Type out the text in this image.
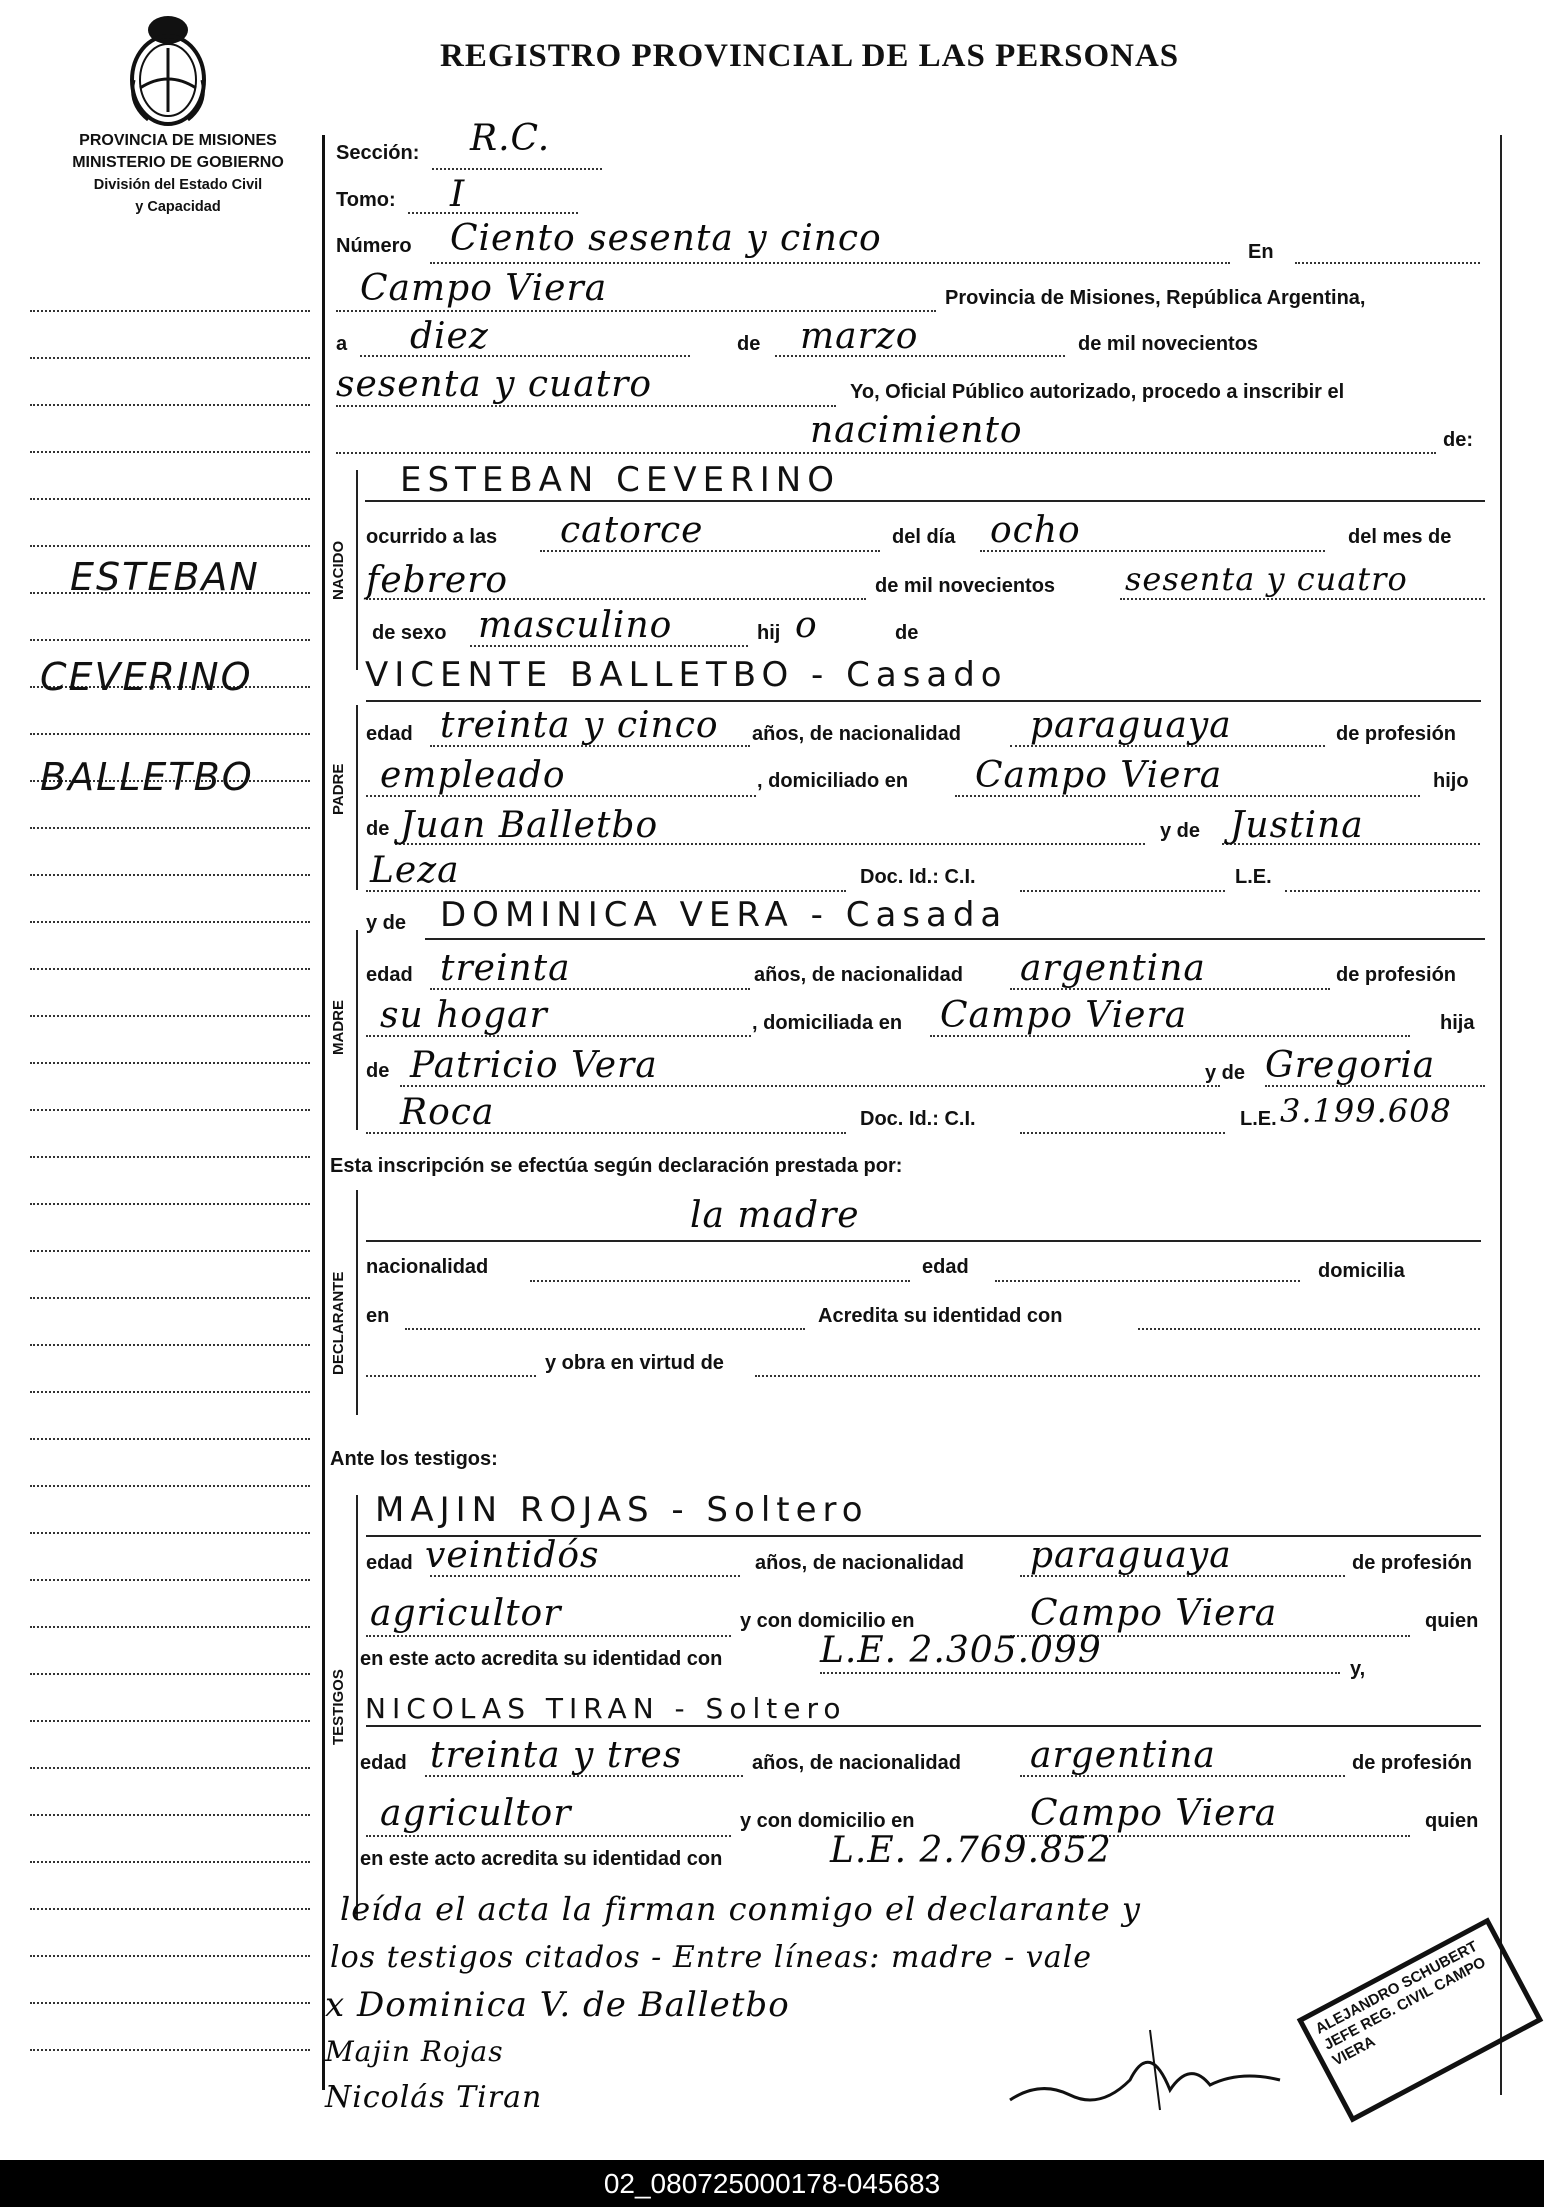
REGISTRO PROVINCIAL DE LAS PERSONAS
PROVINCIA DE MISIONES
MINISTERIO DE GOBIERNO
División del Estado Civil
y Capacidad
ESTEBAN
CEVERINO
BALLETBO
NACIDO
PADRE
MADRE
DECLARANTE
TESTIGOS
Sección: R.C.
Tomo: I
Número Ciento sesenta y cinco	En
Campo Viera	Provincia de Misiones, República Argentina,
a diez	de marzo	de mil novecientos
sesenta y cuatro	Yo, Oficial Público autorizado, procedo a inscribir el
nacimiento	de:
ESTEBAN CEVERINO
ocurrido a las catorce	del día ocho	del mes de
febrero	de mil novecientos sesenta y cuatro
de sexo masculino	hij o	de
VICENTE BALLETBO - Casado
edad treinta y cinco años, de nacionalidad paraguaya	de profesión
empleado	, domiciliado en Campo Viera	hijo
de Juan Balletbo	y de Justina
Leza	Doc. Id.: C.I.	L.E.
y de DOMINICA VERA - Casada
edad treinta	años, de nacionalidad argentina	de profesión
su hogar	, domiciliada en Campo Viera	hija
de Patricio Vera	y de Gregoria
Roca	Doc. Id.: C.I.	L.E. 3.199.608
Esta inscripción se efectúa según declaración prestada por:
la madre
nacionalidad	edad	domicilia
en	Acredita su identidad con
y obra en virtud de
Ante los testigos:
MAJIN ROJAS - Soltero
edad veintidós	años, de nacionalidad paraguaya	de profesión
agricultor	y con domicilio en	Campo Viera	quien
en este acto acredita su identidad con	L.E. 2.305.099	y,
NICOLAS TIRAN - Soltero
edad treinta y tres	años, de nacionalidad argentina	de profesión
agricultor	y con domicilio en	Campo Viera	quien
en este acto acredita su identidad con	L.E. 2.769.852
leída el acta la firman conmigo el declarante y
los testigos citados - Entre líneas: madre - vale
x Dominica V. de Balletbo
Majin Rojas
Nicolás Tiran
ALEJANDRO SCHUBERT JEFE REG. CIVIL CAMPO VIERA
02_080725000178-045683
